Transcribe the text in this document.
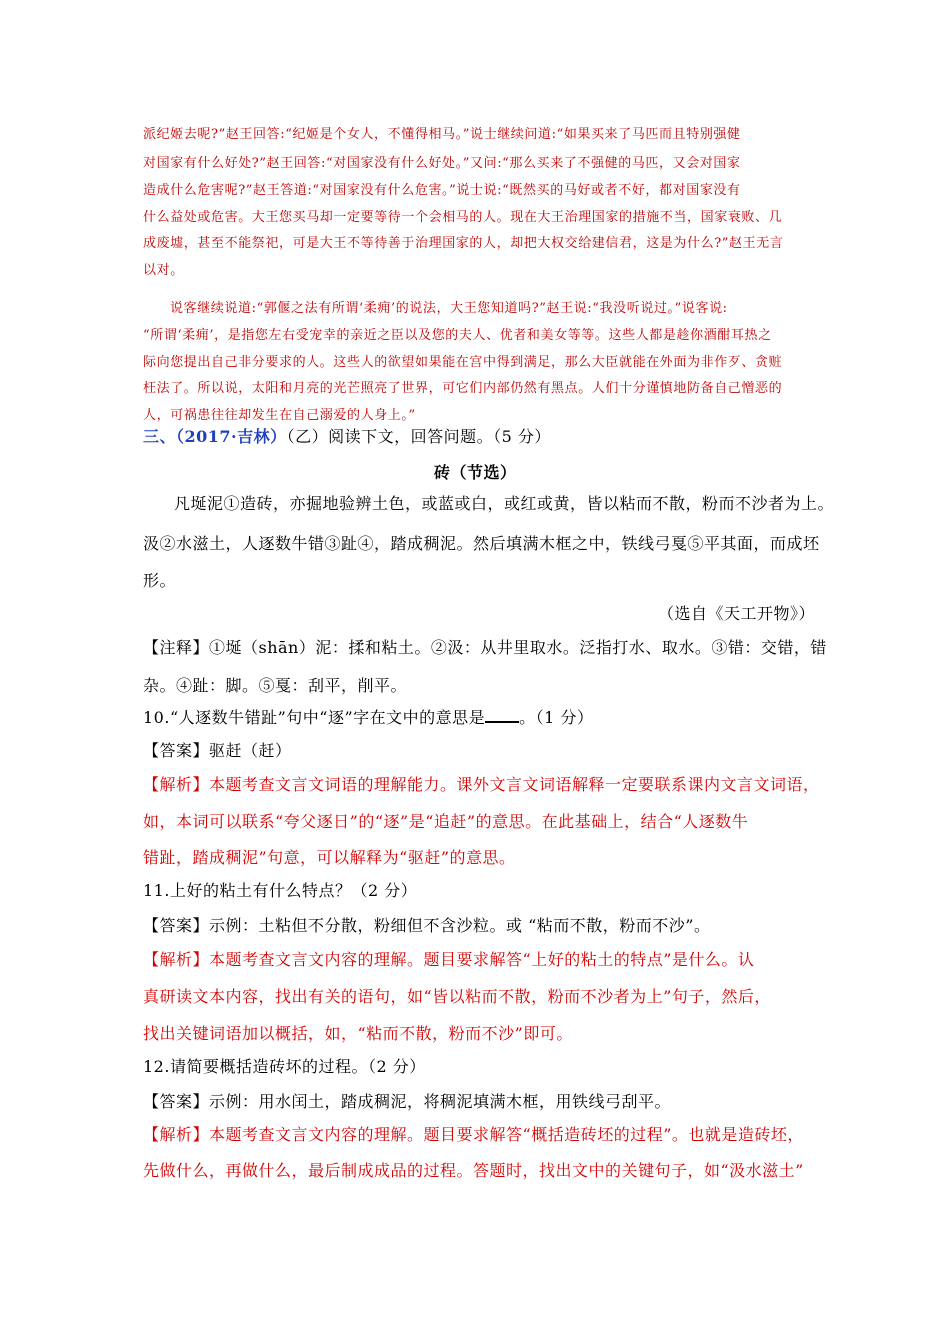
派纪姬去呢?”赵王回答:“纪姬是个女人，不懂得相马。”说士继续问道:“如果买来了马匹而且特别强健
对国家有什么好处?”赵王回答:“对国家没有什么好处。”又问:“那么买来了不强健的马匹，又会对国家
造成什么危害呢?”赵王答道:“对国家没有什么危害。”说士说:“既然买的马好或者不好，都对国家没有
什么益处或危害。大王您买马却一定要等待一个会相马的人。现在大王治理国家的措施不当，国家衰败、几
成废墟，甚至不能祭祀，可是大王不等待善于治理国家的人，却把大权交给建信君，这是为什么?”赵王无言
以对。
说客继续说道:“郭偃之法有所谓‘柔痈’的说法，大王您知道吗?”赵王说:“我没听说过。”说客说:
“所谓‘柔痈’，是指您左右受宠幸的亲近之臣以及您的夫人、优者和美女等等。这些人都是趁你酒酣耳热之
际向您提出自己非分要求的人。这些人的欲望如果能在宫中得到满足，那么大臣就能在外面为非作歹、贪赃
枉法了。所以说，太阳和月亮的光芒照亮了世界，可它们内部仍然有黑点。人们十分谨慎地防备自己憎恶的
人，可祸患往往却发生在自己溺爱的人身上。”
三、（2017·吉林）（乙）阅读下文，回答问题。（5 分）
砖（节选）
凡埏泥①造砖，亦掘地验辨土色，或蓝或白，或红或黄，皆以粘而不散，粉而不沙者为上。
汲②水滋土，人逐数牛错③趾④，踏成稠泥。然后填满木框之中，铁线弓戛⑤平其面，而成坯
形。
（选自《天工开物》）
【注释】①埏（shān）泥：揉和粘土。②汲：从井里取水。泛指打水、取水。③错：交错，错
杂。④趾：脚。⑤戛：刮平，削平。
10.“人逐数牛错趾”句中“逐”字在文中的意思是 。（1 分）
【答案】驱赶（赶）
【解析】本题考查文言文词语的理解能力。课外文言文词语解释一定要联系课内文言文词语，
如，本词可以联系“夸父逐日”的“逐”是“追赶”的意思。在此基础上，结合“人逐数牛
错趾，踏成稠泥”句意，可以解释为“驱赶”的意思。
11.上好的粘土有什么特点？（2 分）
【答案】示例：土粘但不分散，粉细但不含沙粒。或 “粘而不散，粉而不沙”。
【解析】本题考查文言文内容的理解。题目要求解答“上好的粘土的特点”是什么。认
真研读文本内容，找出有关的语句，如“皆以粘而不散，粉而不沙者为上”句子，然后，
找出关键词语加以概括，如，“粘而不散，粉而不沙”即可。
12.请简要概括造砖坏的过程。（2 分）
【答案】示例：用水闰土，踏成稠泥，将稠泥填满木框，用铁线弓刮平。
【解析】本题考查文言文内容的理解。题目要求解答“概括造砖坯的过程”。也就是造砖坯，
先做什么，再做什么，最后制成成品的过程。答题时，找出文中的关键句子，如“汲水滋土”
